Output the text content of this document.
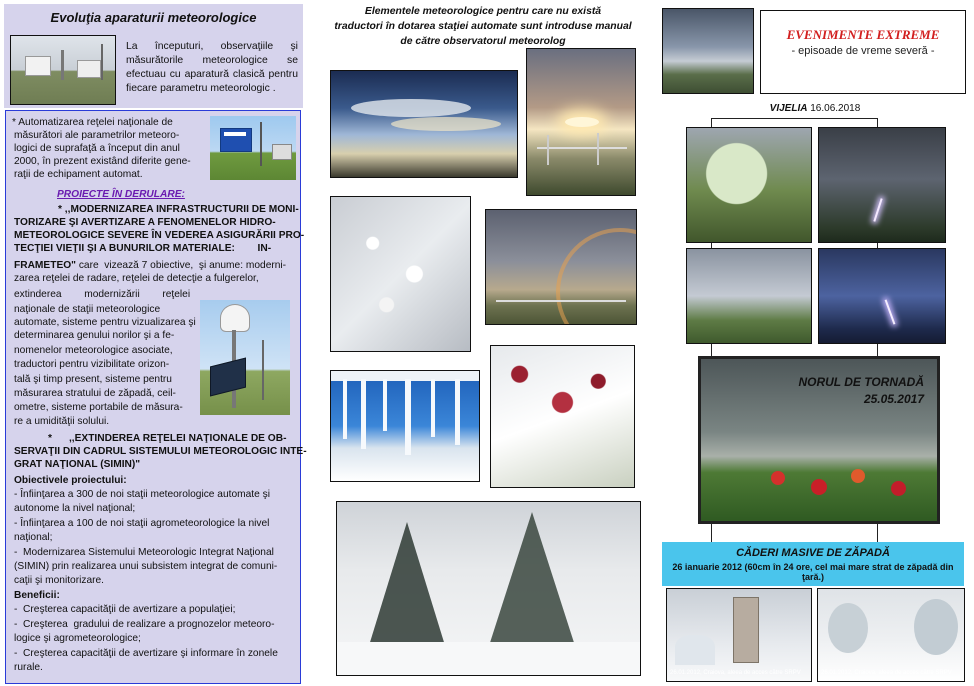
Evoluţia aparaturii meteorologice
La începuturi, observaţiile şi măsurătorile meteorologice se efectuau cu aparatură clasică pentru fiecare parametru meteorologic .
* Automatizarea reţelei naţionale de
măsurători ale parametrilor meteoro-
logici de suprafaţă a început din anul
2000, în prezent existând diferite gene-
raţii de echipament automat.
PROIECTE ÎN DERULARE:
* ,,MODERNIZAREA INFRASTRUCTURII DE MONI-
TORIZARE ŞI AVERTIZARE A FENOMENELOR HIDRO-
METEOROLOGICE SEVERE ÎN VEDEREA ASIGURĂRII PRO-
TECŢIEI VIEŢII ŞI A BUNURILOR MATERIALE:        IN-
FRAMETEO" care  vizează 7 obiective,  şi anume: moderni-
zarea reţelei de radare, reţelei de detecţie a fulgerelor,
extinderea        modernizării        reţelei
naţionale de staţii meteorologice
automate, sisteme pentru vizualizarea şi
determinarea genului norilor şi a fe-
nomenelor meteorologice asociate,
traductori pentru vizibilitate orizon-
tală şi timp present, sisteme pentru
măsurarea stratului de zăpadă, ceil-
ometre, sisteme portabile de măsura-
re a umidităţii solului.
*      ,,EXTINDEREA REŢELEI NAŢIONALE DE OB-
SERVAŢII DIN CADRUL SISTEMULUI METEOROLOGIC INTE-
GRAT NAŢIONAL (SIMIN)"
Obiectivele proiectului:
- Înfiinţarea a 300 de noi staţii meteorologice automate şi
autonome la nivel naţional;
- Înfiinţarea a 100 de noi staţii agrometeorologice la nivel
naţional;
-  Modernizarea Sistemului Meteorologic Integrat Naţional
(SIMIN) prin realizarea unui subsistem integrat de comuni-
caţii şi monitorizare.
Beneficii:
-  Creşterea capacităţii de avertizare a populaţiei;
-  Creşterea  gradului de realizare a prognozelor meteoro-
logice şi agrometeorologice;
-  Creşterea capacităţii de avertizare şi informare în zonele
rurale.
Elementele meteorologice pentru care nu există
traductori în dotarea staţiei automate sunt introduse manual
de către observatorul meteorolog	EVENIMENTE EXTREME
- episoade de vreme severă -
VIJELIA 16.06.2018
NORUL DE TORNADĂ
25.05.2017
CĂDERI MASIVE DE ZĂPADĂ
26 ianuarie 2012 (60cm în 24 ore, cel mai mare strat de zăpadă din ţară.)
26.01.2012, Craiova, aleea de acces către SRPV	26.01.2012, Craiova, aleea de acces către SRPV
